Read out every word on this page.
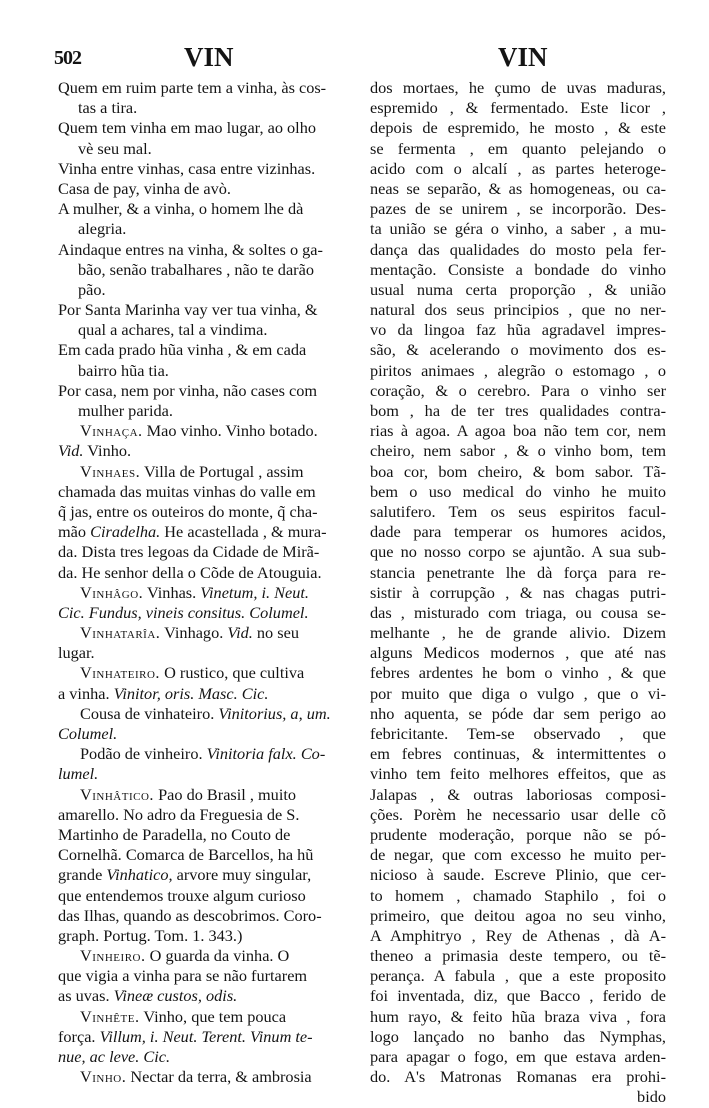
502	VIN	VIN
Quem em ruim parte tem a vinha, às cos-
tas a tira.
Quem tem vinha em mao lugar, ao olho
vè seu mal.
Vinha entre vinhas, casa entre vizinhas.
Casa de pay, vinha de avò.
A mulher, & a vinha, o homem lhe dà
alegria.
Aindaque entres na vinha, & soltes o ga-
bão, senão trabalhares , não te darão
pão.
Por Santa Marinha vay ver tua vinha, &
qual a achares, tal a vindima.
Em cada prado hũa vinha , & em cada
bairro hũa tia.
Por casa, nem por vinha, não cases com
mulher parida.
Vinhaça. Mao vinho. Vinho botado.
Vid. Vinho.
Vinhaes. Villa de Portugal , assim
chamada das muitas vinhas do valle em
q̃ jas, entre os outeiros do monte, q̃ cha-
mão Ciradelha. He acastellada , & mura-
da. Dista tres legoas da Cidade de Mirã-
da. He senhor della o Cõde de Atouguia.
Vinhâgo. Vinhas. Vinetum, i. Neut.
Cic. Fundus, vineis consitus. Columel.
Vinhatarîa. Vinhago. Vid. no seu
lugar.
Vinhateiro. O rustico, que cultiva
a vinha. Vinitor, oris. Masc. Cic.
Cousa de vinhateiro. Vinitorius, a, um.
Columel.
Podão de vinheiro. Vinitoria falx. Co-
lumel.
Vinhâtico. Pao do Brasil , muito
amarello. No adro da Freguesia de S.
Martinho de Paradella, no Couto de
Cornelhã. Comarca de Barcellos, ha hũ
grande Vinhatico, arvore muy singular,
que entendemos trouxe algum curioso
das Ilhas, quando as descobrimos. Coro-
graph. Portug. Tom. 1. 343.)
Vinheiro. O guarda da vinha. O
que vigia a vinha para se não furtarem
as uvas. Vineæ custos, odis.
Vinhête. Vinho, que tem pouca
força. Villum, i. Neut. Terent. Vinum te-
nue, ac leve. Cic.
Vinho. Nectar da terra, & ambrosia
dos mortaes, he çumo de uvas maduras,
espremido , & fermentado. Este licor ,
depois de espremido, he mosto , & este
se fermenta , em quanto pelejando o
acido com o alcalí , as partes heteroge-
neas se separão, & as homogeneas, ou ca-
pazes de se unirem , se incorporão. Des-
ta união se géra o vinho, a saber , a mu-
dança das qualidades do mosto pela fer-
mentação. Consiste a bondade do vinho
usual numa certa proporção , & união
natural dos seus principios , que no ner-
vo da lingoa faz hũa agradavel impres-
são, & acelerando o movimento dos es-
piritos animaes , alegrão o estomago , o
coração, & o cerebro. Para o vinho ser
bom , ha de ter tres qualidades contra-
rias à agoa. A agoa boa não tem cor, nem
cheiro, nem sabor , & o vinho bom, tem
boa cor, bom cheiro, & bom sabor. Tã-
bem o uso medical do vinho he muito
salutifero. Tem os seus espiritos facul-
dade para temperar os humores acidos,
que no nosso corpo se ajuntão. A sua sub-
stancia penetrante lhe dà força para re-
sistir à corrupção , & nas chagas putri-
das , misturado com triaga, ou cousa se-
melhante , he de grande alivio. Dizem
alguns Medicos modernos , que até nas
febres ardentes he bom o vinho , & que
por muito que diga o vulgo , que o vi-
nho aquenta, se póde dar sem perigo ao
febricitante. Tem-se observado , que
em febres continuas, & intermittentes o
vinho tem feito melhores effeitos, que as
Jalapas , & outras laboriosas composi-
ções. Porèm he necessario usar delle cõ
prudente moderação, porque não se pó-
de negar, que com excesso he muito per-
nicioso à saude. Escreve Plinio, que cer-
to homem , chamado Staphilo , foi o
primeiro, que deitou agoa no seu vinho,
A Amphitryo , Rey de Athenas , dà A-
theneo a primasia deste tempero, ou tẽ-
perança. A fabula , que a este proposito
foi inventada, diz, que Bacco , ferido de
hum rayo, & feito hũa braza viva , fora
logo lançado no banho das Nymphas,
para apagar o fogo, em que estava arden-
do. A's Matronas Romanas era prohi-
bido
